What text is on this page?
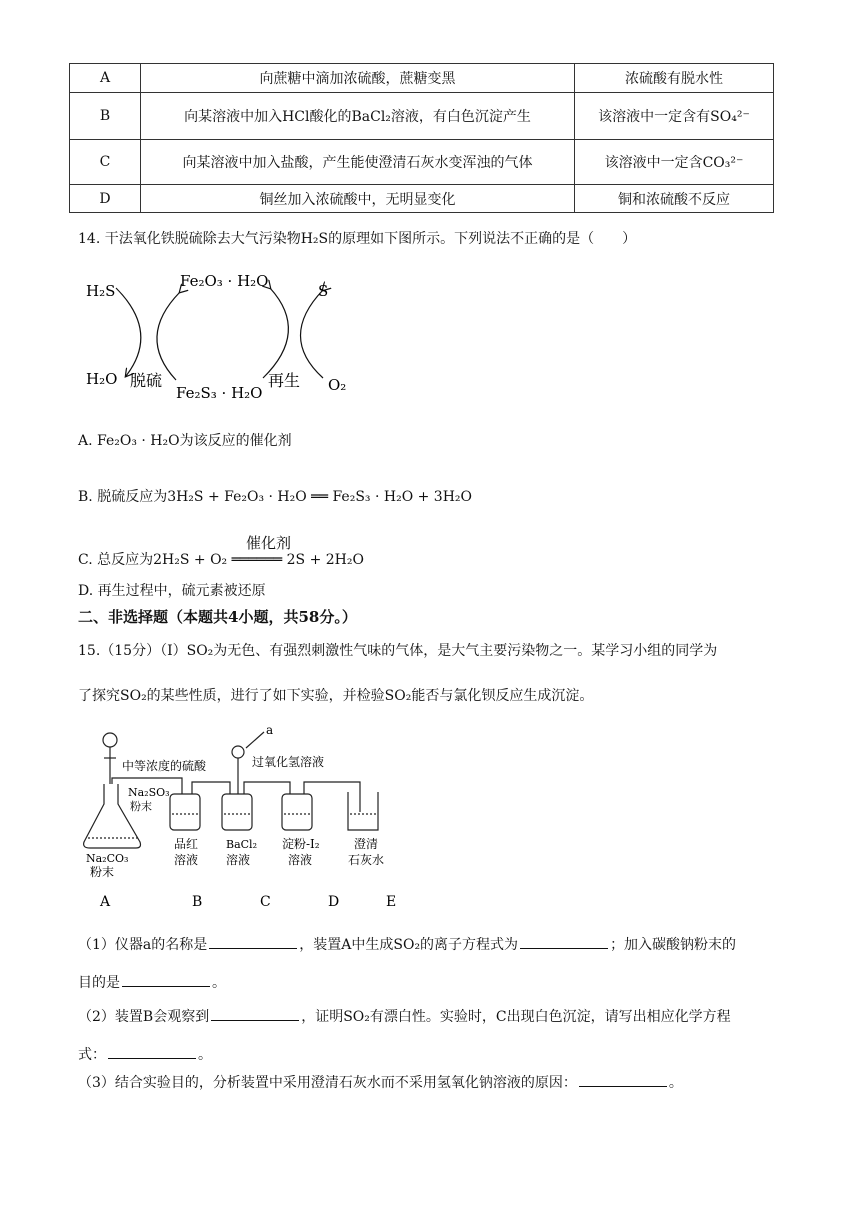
A	向蔗糖中滴加浓硫酸，蔗糖变黑	浓硫酸有脱水性
B	向某溶液中加入HCl酸化的BaCl₂溶液，有白色沉淀产生	该溶液中一定含有SO₄²⁻
C	向某溶液中加入盐酸，产生能使澄清石灰水变浑浊的气体	该溶液中一定含CO₃²⁻
D	铜丝加入浓硫酸中，无明显变化	铜和浓硫酸不反应
14. 干法氧化铁脱硫除去大气污染物H₂S的原理如下图所示。下列说法不正确的是（　　）
H₂S
Fe₂O₃ · H₂O
S
H₂O 脱硫
Fe₂S₃ · H₂O
再生 O₂
A. Fe₂O₃ · H₂O为该反应的催化剂
B. 脱硫反应为3H₂S + Fe₂O₃ · H₂O ══ Fe₂S₃ · H₂O + 3H₂O
催化剂
C. 总反应为2H₂S + O₂ ══════ 2S + 2H₂O
D. 再生过程中，硫元素被还原
二、非选择题（本题共4小题，共58分。）
15.（15分）（Ⅰ）SO₂为无色、有强烈刺激性气味的气体，是大气主要污染物之一。某学习小组的同学为
了探究SO₂的某些性质，进行了如下实验，并检验SO₂能否与氯化钡反应生成沉淀。
a
中等浓度的硫酸	过氧化氢溶液
Na₂SO₃
粉末
Na₂CO₃
粉末
品红
溶液
BaCl₂
溶液
淀粉-I₂
溶液
澄清
石灰水
A	B	C	D	E
（1）仪器a的名称是	，装置A中生成SO₂的离子方程式为	；加入碳酸钠粉末的
目的是	。
（2）装置B会观察到	，证明SO₂有漂白性。实验时，C出现白色沉淀，请写出相应化学方程
式：	。
（3）结合实验目的，分析装置中采用澄清石灰水而不采用氢氧化钠溶液的原因：	。
